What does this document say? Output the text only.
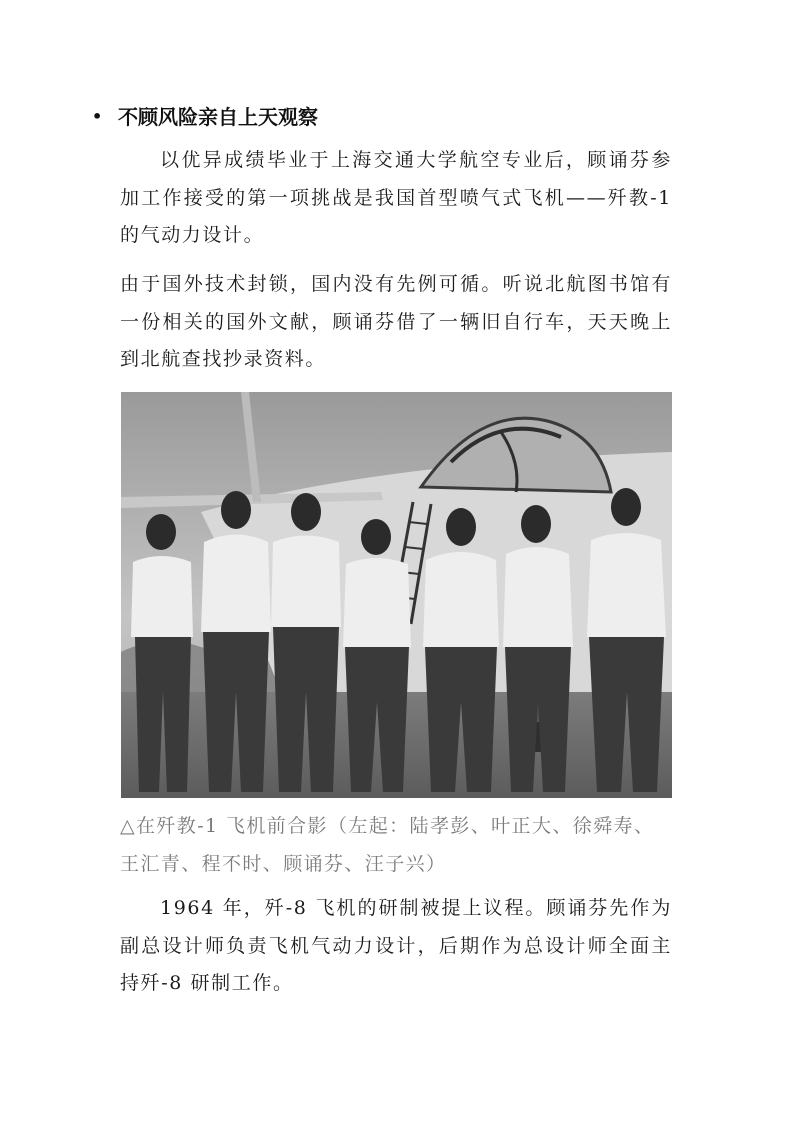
• 不顾风险亲自上天观察

以优异成绩毕业于上海交通大学航空专业后，顾诵芬参加工作接受的第一项挑战是我国首型喷气式飞机——歼教-1 的气动力设计。

由于国外技术封锁，国内没有先例可循。听说北航图书馆有一份相关的国外文献，顾诵芬借了一辆旧自行车，天天晚上到北航查找抄录资料。

△在歼教-1 飞机前合影（左起：陆孝彭、叶正大、徐舜寿、王汇青、程不时、顾诵芬、汪子兴）

1964 年，歼-8 飞机的研制被提上议程。顾诵芬先作为副总设计师负责飞机气动力设计，后期作为总设计师全面主持歼-8 研制工作。
